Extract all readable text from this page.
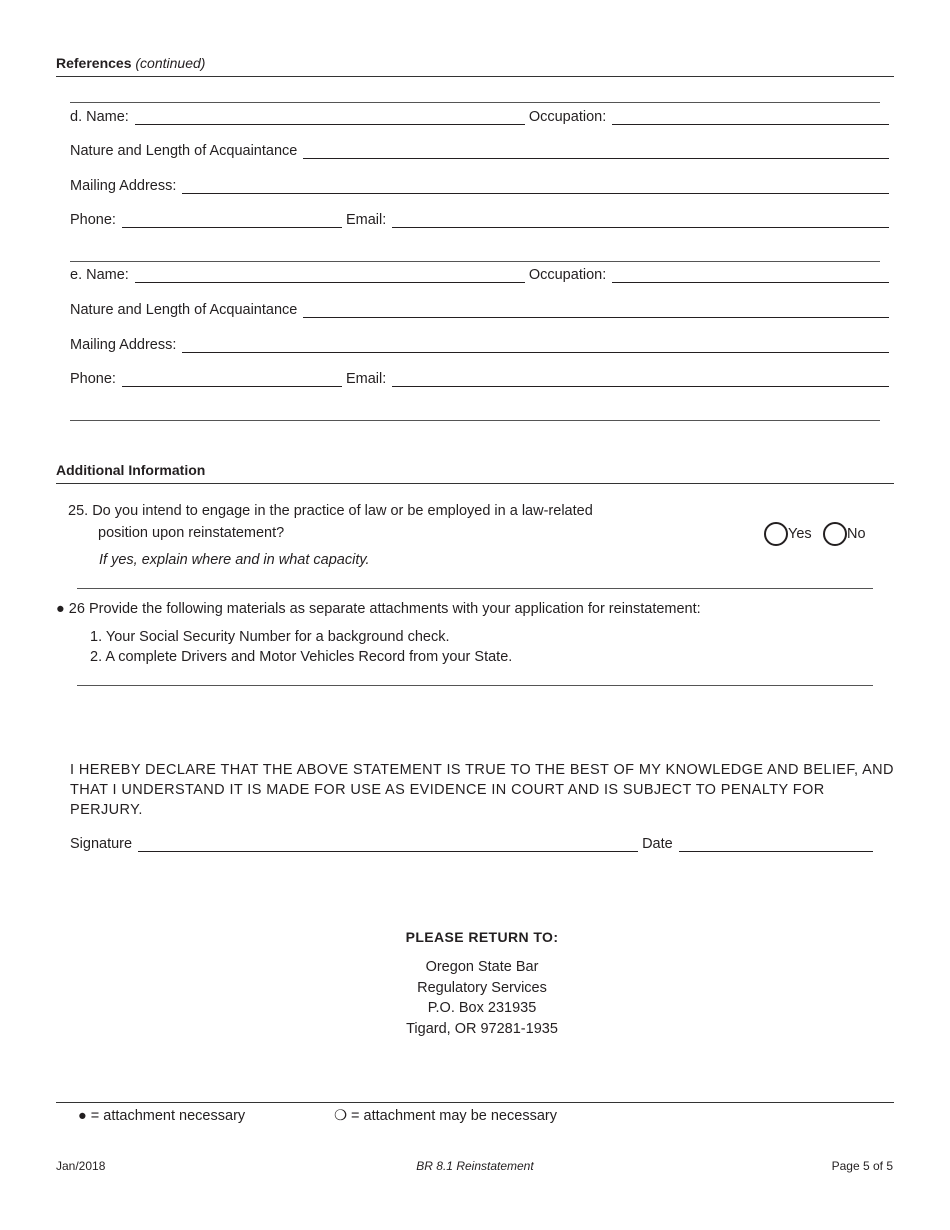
References (continued)
d. Name:	Occupation:
Nature and Length of Acquaintance
Mailing Address:
Phone:	Email:
e. Name:	Occupation:
Nature and Length of Acquaintance
Mailing Address:
Phone:	Email:
Additional Information
25. Do you intend to engage in the practice of law or be employed in a law-related
position upon reinstatement?
If yes, explain where and in what capacity.
Yes No
● 26 Provide the following materials as separate attachments with your application for reinstatement:
1. Your Social Security Number for a background check.
2. A complete Drivers and Motor Vehicles Record from your State.
I HEREBY DECLARE THAT THE ABOVE STATEMENT IS TRUE TO THE BEST OF MY KNOWLEDGE AND BELIEF, AND
THAT I UNDERSTAND IT IS MADE FOR USE AS EVIDENCE IN COURT AND IS SUBJECT TO PENALTY FOR PERJURY.
Signature	Date
PLEASE RETURN TO:
Oregon State Bar
Regulatory Services
P.O. Box 231935
Tigard, OR 97281-1935
● = attachment necessary	❍ = attachment may be necessary
Jan/2018	BR 8.1 Reinstatement	Page 5 of 5
